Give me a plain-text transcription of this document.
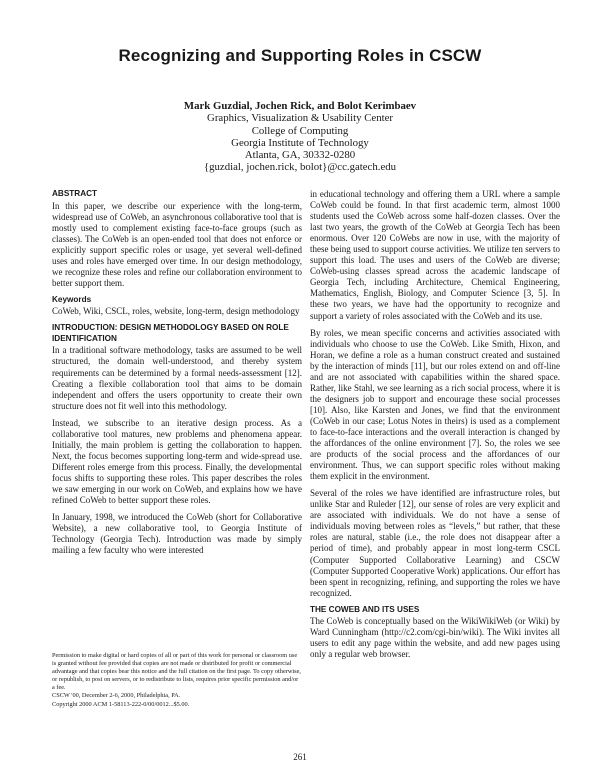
Recognizing and Supporting Roles in CSCW
Mark Guzdial, Jochen Rick, and Bolot Kerimbaev
Graphics, Visualization & Usability Center
College of Computing
Georgia Institute of Technology
Atlanta, GA, 30332-0280
{guzdial, jochen.rick, bolot}@cc.gatech.edu
ABSTRACT

In this paper, we describe our experience with the long-term, widespread use of CoWeb, an asynchronous collaborative tool that is mostly used to complement existing face-to-face groups (such as classes). The CoWeb is an open-ended tool that does not enforce or explicitly support specific roles or usage, yet several well-defined uses and roles have emerged over time. In our design methodology, we recognize these roles and refine our collaboration environment to better support them.

Keywords

CoWeb, Wiki, CSCL, roles, website, long-term, design methodology

INTRODUCTION: DESIGN METHODOLOGY BASED ON ROLE IDENTIFICATION

In a traditional software methodology, tasks are assumed to be well structured, the domain well-understood, and thereby system requirements can be determined by a formal needs-assessment [12]. Creating a flexible collaboration tool that aims to be domain independent and offers the users opportunity to create their own structure does not fit well into this methodology.

Instead, we subscribe to an iterative design process. As a collaborative tool matures, new problems and phenomena appear. Initially, the main problem is getting the collaboration to happen. Next, the focus becomes supporting long-term and wide-spread use. Different roles emerge from this process. Finally, the developmental focus shifts to supporting these roles. This paper describes the roles we saw emerging in our work on CoWeb, and explains how we have refined CoWeb to better support these roles.

In January, 1998, we introduced the CoWeb (short for Collaborative Website), a new collaborative tool, to Georgia Institute of Technology (Georgia Tech). Introduction was made by simply mailing a few faculty who were interested

Permission to make digital or hard copies of all or part of this work for personal or classroom use is granted without fee provided that copies are not made or distributed for profit or commercial advantage and that copies bear this notice and the full citation on the first page. To copy otherwise, or republish, to post on servers, or to redistribute to lists, requires prior specific permission and/or a fee.
CSCW '00, December 2-6, 2000, Philadelphia, PA.
Copyright 2000 ACM 1-58113-222-0/00/0012...$5.00.

in educational technology and offering them a URL where a sample CoWeb could be found. In that first academic term, almost 1000 students used the CoWeb across some half-dozen classes. Over the last two years, the growth of the CoWeb at Georgia Tech has been enormous. Over 120 CoWebs are now in use, with the majority of these being used to support course activities. We utilize ten servers to support this load. The uses and users of the CoWeb are diverse; CoWeb-using classes spread across the academic landscape of Georgia Tech, including Architecture, Chemical Engineering, Mathematics, English, Biology, and Computer Science [3, 5]. In these two years, we have had the opportunity to recognize and support a variety of roles associated with the CoWeb and its use.

By roles, we mean specific concerns and activities associated with individuals who choose to use the CoWeb. Like Smith, Hixon, and Horan, we define a role as a human construct created and sustained by the interaction of minds [11], but our roles extend on and off-line and are not associated with capabilities within the shared space. Rather, like Stahl, we see learning as a rich social process, where it is the designers job to support and encourage these social processes [10]. Also, like Karsten and Jones, we find that the environment (CoWeb in our case; Lotus Notes in theirs) is used as a complement to face-to-face interactions and the overall interaction is changed by the affordances of the online environment [7]. So, the roles we see are products of the social process and the affordances of our environment. Thus, we can support specific roles without making them explicit in the environment.

Several of the roles we have identified are infrastructure roles, but unlike Star and Ruleder [12], our sense of roles are very explicit and are associated with individuals. We do not have a sense of individuals moving between roles as “levels,” but rather, that these roles are natural, stable (i.e., the role does not disappear after a period of time), and probably appear in most long-term CSCL (Computer Supported Collaborative Learning) and CSCW (Computer Supported Cooperative Work) applications. Our effort has been spent in recognizing, refining, and supporting the roles we have recognized.

THE COWEB AND ITS USES

The CoWeb is conceptually based on the WikiWikiWeb (or Wiki) by Ward Cunningham (http://c2.com/cgi-bin/wiki). The Wiki invites all users to edit any page within the website, and add new pages using only a regular web browser.

261
